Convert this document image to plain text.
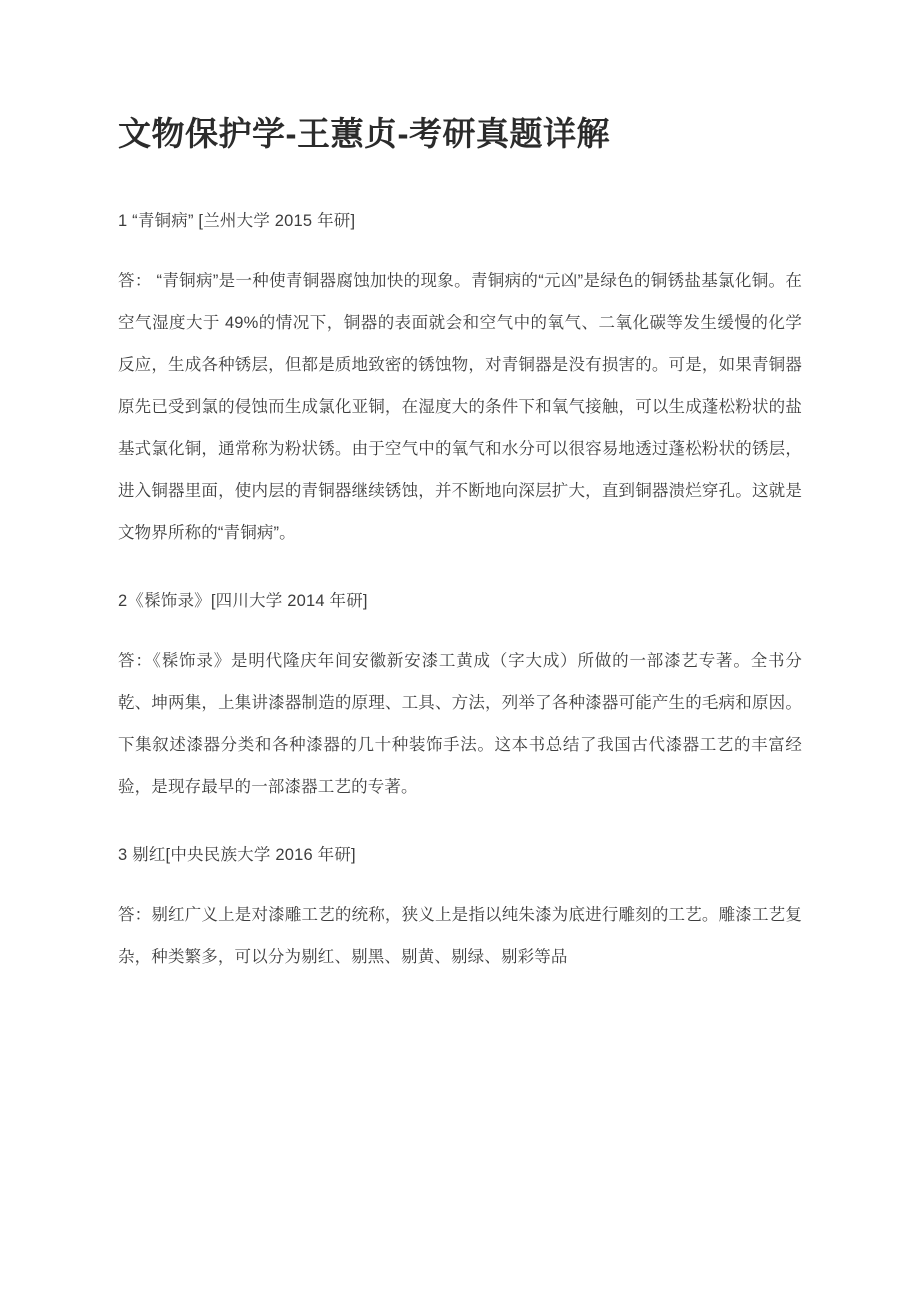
文物保护学-王蕙贞-考研真题详解

1 “青铜病” [兰州大学 2015 年研]

答： “青铜病”是一种使青铜器腐蚀加快的现象。青铜病的“元凶”是绿色的铜锈盐基氯化铜。在空气湿度大于 49%的情况下，铜器的表面就会和空气中的氧气、二氧化碳等发生缓慢的化学反应，生成各种锈层，但都是质地致密的锈蚀物，对青铜器是没有损害的。可是，如果青铜器原先已受到氯的侵蚀而生成氯化亚铜，在湿度大的条件下和氧气接触，可以生成蓬松粉状的盐基式氯化铜，通常称为粉状锈。由于空气中的氧气和水分可以很容易地透过蓬松粉状的锈层，进入铜器里面，使内层的青铜器继续锈蚀，并不断地向深层扩大，直到铜器溃烂穿孔。这就是文物界所称的“青铜病”。

2《髹饰录》[四川大学 2014 年研]

答：《髹饰录》是明代隆庆年间安徽新安漆工黄成（字大成）所做的一部漆艺专著。全书分乾、坤两集，上集讲漆器制造的原理、工具、方法，列举了各种漆器可能产生的毛病和原因。下集叙述漆器分类和各种漆器的几十种装饰手法。这本书总结了我国古代漆器工艺的丰富经验，是现存最早的一部漆器工艺的专著。

3 剔红[中央民族大学 2016 年研]

答：剔红广义上是对漆雕工艺的统称，狭义上是指以纯朱漆为底进行雕刻的工艺。雕漆工艺复杂，种类繁多，可以分为剔红、剔黑、剔黄、剔绿、剔彩等品
